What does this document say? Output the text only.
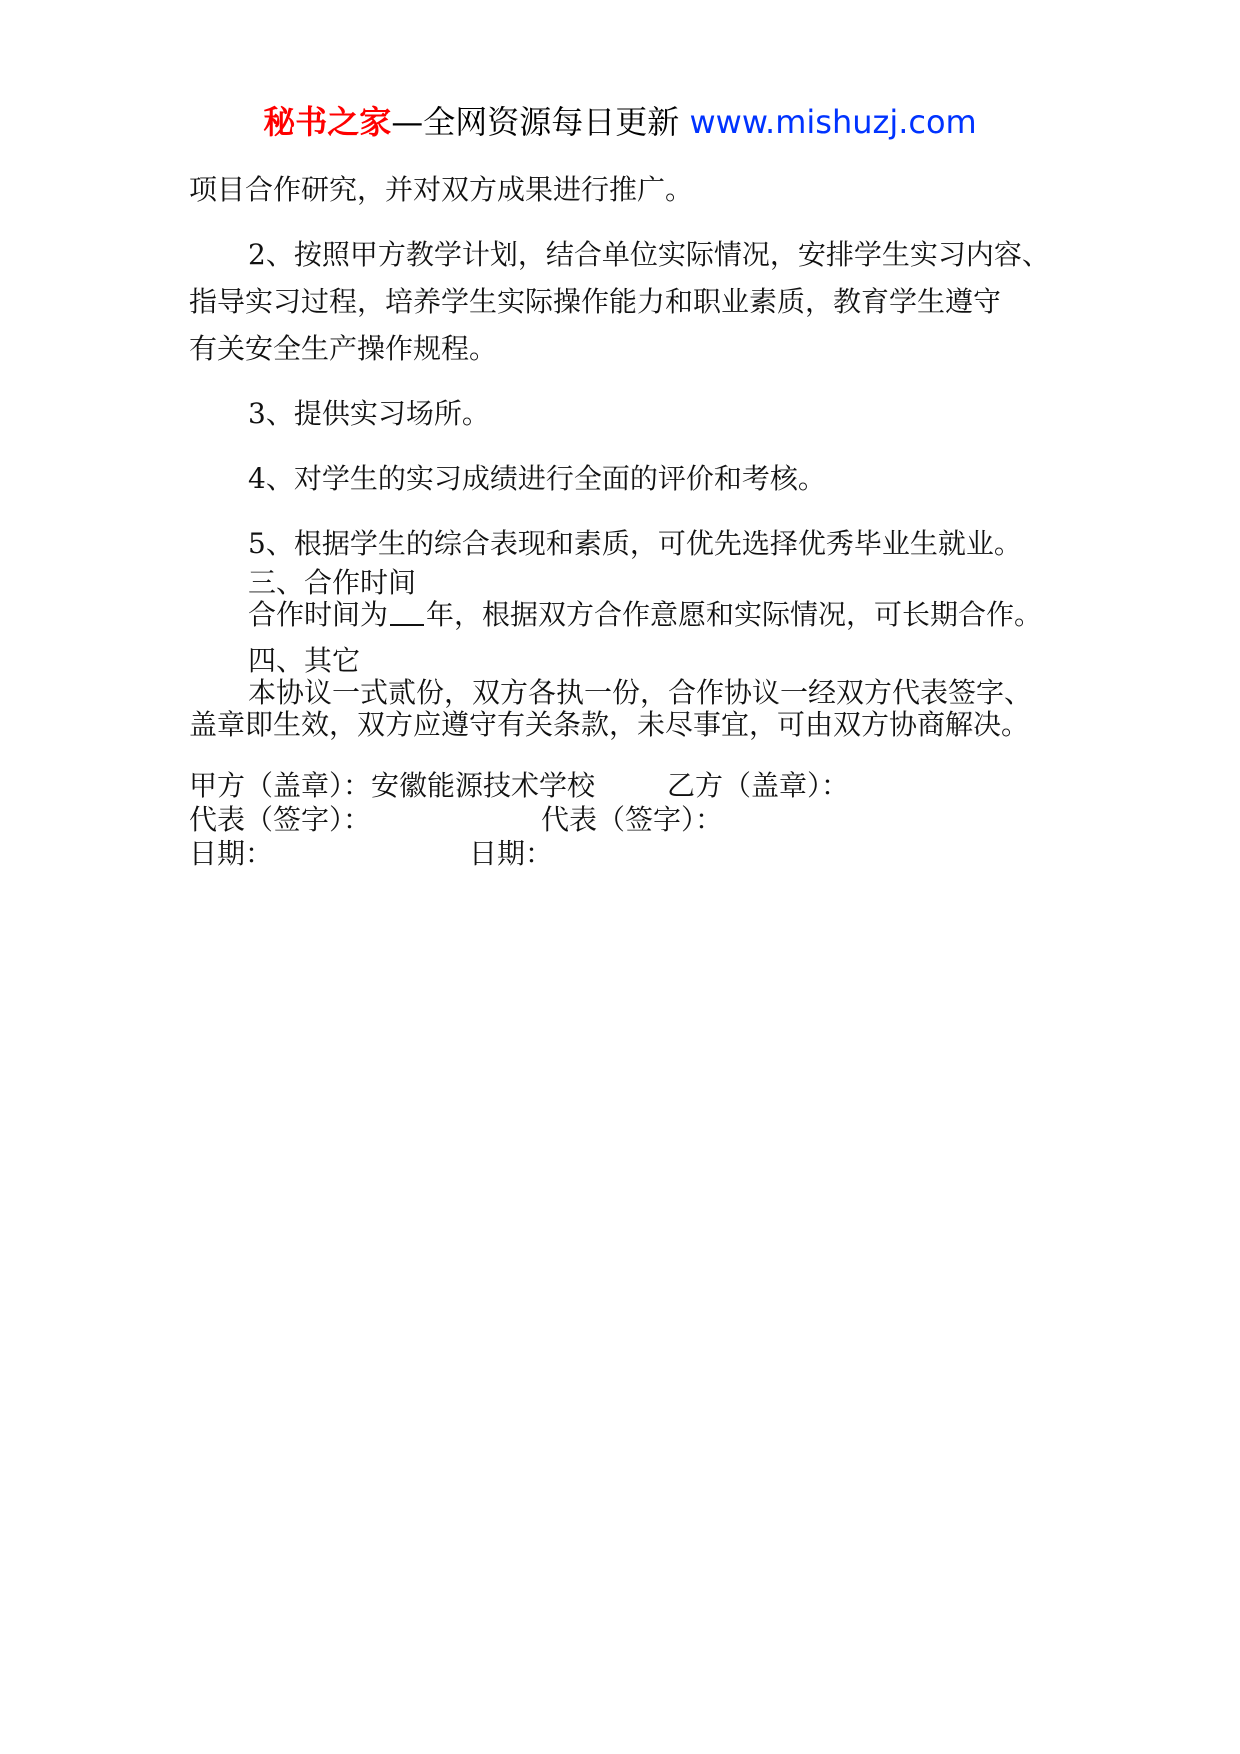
秘书之家—全网资源每日更新 www.mishuzj.com

项目合作研究，并对双方成果进行推广。

2、按照甲方教学计划，结合单位实际情况，安排学生实习内容、

指导实习过程，培养学生实际操作能力和职业素质，教育学生遵守

有关安全生产操作规程。

3、提供实习场所。

4、对学生的实习成绩进行全面的评价和考核。

5、根据学生的综合表现和素质，可优先选择优秀毕业生就业。

三、合作时间

合作时间为 年，根据双方合作意愿和实际情况，可长期合作。

四、其它

本协议一式贰份，双方各执一份，合作协议一经双方代表签字、

盖章即生效，双方应遵守有关条款，未尽事宜，可由双方协商解决。

甲方（盖章）：安徽能源技术学校	乙方（盖章）：
代表（签字）：	代表（签字）：
日期：	日期：
